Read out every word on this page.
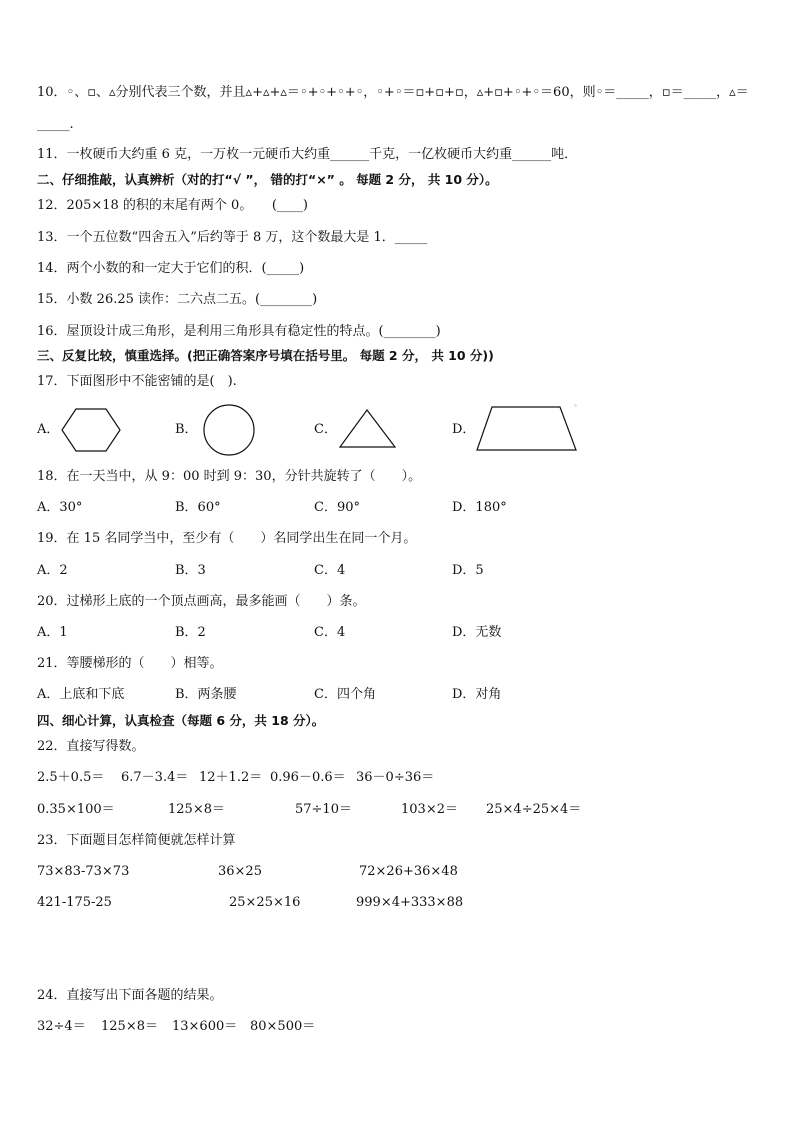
10．◦、▫、▵分别代表三个数，并且▵+▵+▵＝◦+◦+◦+◦，◦+◦＝▫+▫+▫，▵+▫+◦+◦＝60，则◦＝_____，▫＝_____，▵＝
_____.
11．一枚硬币大约重 6 克，一万枚一元硬币大约重______千克，一亿枚硬币大约重______吨．
二、仔细推敲，认真辨析（对的打“√ ”， 错的打“×” 。 每题 2 分， 共 10 分）。
12．205×18 的积的末尾有两个 0。　　(____)
13．一个五位数“四舍五入”后约等于 8 万，这个数最大是 1．_____
14．两个小数的和一定大于它们的积．(_____)
15．小数 26.25 读作：二六点二五。(________)
16．屋顶设计成三角形，是利用三角形具有稳定性的特点。(________)
三、反复比较，慎重选择。(把正确答案序号填在括号里。 每题 2 分， 共 10 分))
17．下面图形中不能密铺的是(　).
A．	B．	C．	D．
°
18．在一天当中，从 9：00 时到 9：30，分针共旋转了（　　）。
A．30°	B．60°	C．90°	D．180°
19．在 15 名同学当中，至少有（　　）名同学出生在同一个月。
A．2	B．3	C．4	D．5
20．过梯形上底的一个顶点画高，最多能画（　　）条。
A．1	B．2	C．4	D．无数
21．等腰梯形的（　　）相等。
A．上底和下底	B．两条腰	C．四个角	D．对角
四、细心计算，认真检查（每题 6 分，共 18 分）。
22．直接写得数。
2.5＋0.5＝ 6.7－3.4＝ 12＋1.2＝ 0.96－0.6＝ 36－0÷36＝
0.35×100＝	125×8＝	57÷10＝	103×2＝ 25×4÷25×4＝
23．下面题目怎样简便就怎样计算
73×83-73×73	36×25	72×26+36×48
421-175-25	25×25×16	999×4+333×88
24．直接写出下面各题的结果。
32÷4＝ 125×8＝ 13×600＝ 80×500＝
